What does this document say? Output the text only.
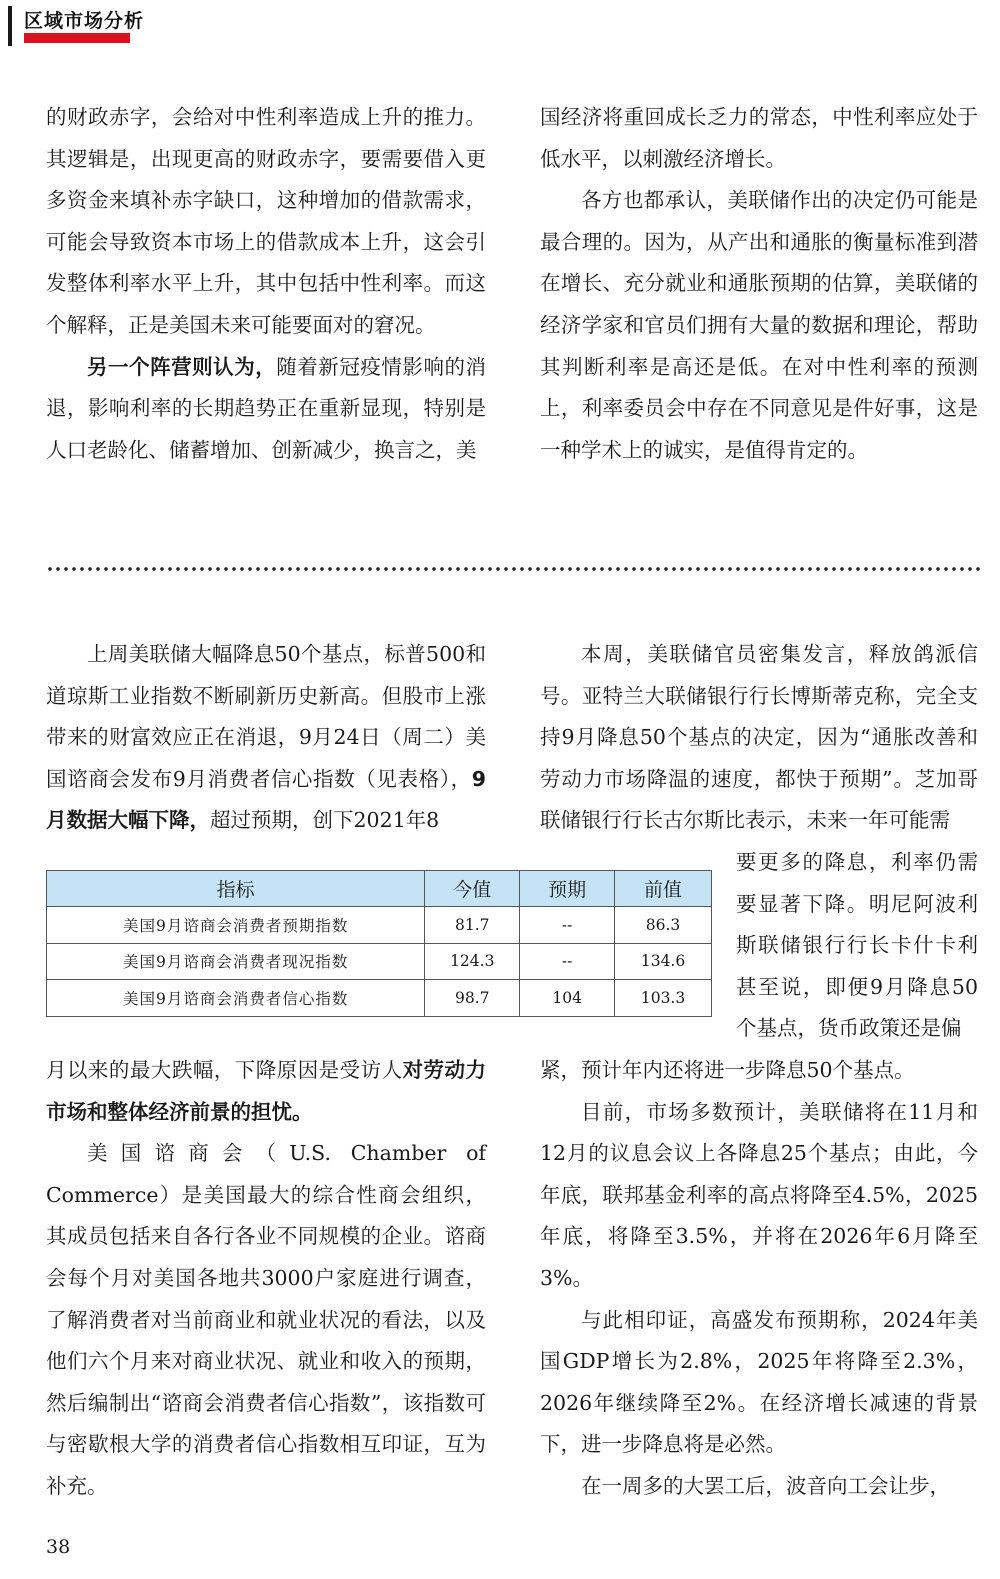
区域市场分析

的财政赤字，会给对中性利率造成上升的推力。其逻辑是，出现更高的财政赤字，要需要借入更多资金来填补赤字缺口，这种增加的借款需求，可能会导致资本市场上的借款成本上升，这会引发整体利率水平上升，其中包括中性利率。而这个解释，正是美国未来可能要面对的窘况。

另一个阵营则认为，随着新冠疫情影响的消退，影响利率的长期趋势正在重新显现，特别是人口老龄化、储蓄增加、创新减少，换言之，美

国经济将重回成长乏力的常态，中性利率应处于低水平，以刺激经济增长。

各方也都承认，美联储作出的决定仍可能是最合理的。因为，从产出和通胀的衡量标准到潜在增长、充分就业和通胀预期的估算，美联储的经济学家和官员们拥有大量的数据和理论，帮助其判断利率是高还是低。在对中性利率的预测上，利率委员会中存在不同意见是件好事，这是一种学术上的诚实，是值得肯定的。

上周美联储大幅降息50个基点，标普500和道琼斯工业指数不断刷新历史新高。但股市上涨带来的财富效应正在消退，9月24日（周二）美国谘商会发布9月消费者信心指数（见表格），9月数据大幅下降，超过预期，创下2021年8

指标	今值	预期	前值
美国9月谘商会消费者预期指数	81.7	--	86.3
美国9月谘商会消费者现况指数	124.3	--	134.6
美国9月谘商会消费者信心指数	98.7	104	103.3

月以来的最大跌幅，下降原因是受访人对劳动力市场和整体经济前景的担忧。

美国谘商会（U.S. Chamber of Commerce）是美国最大的综合性商会组织，其成员包括来自各行各业不同规模的企业。谘商会每个月对美国各地共3000户家庭进行调查，了解消费者对当前商业和就业状况的看法，以及他们六个月来对商业状况、就业和收入的预期，然后编制出“谘商会消费者信心指数”，该指数可与密歇根大学的消费者信心指数相互印证，互为补充。

本周，美联储官员密集发言，释放鸽派信号。亚特兰大联储银行行长博斯蒂克称，完全支持9月降息50个基点的决定，因为“通胀改善和劳动力市场降温的速度，都快于预期”。芝加哥联储银行行长古尔斯比表示，未来一年可能需

要更多的降息，利率仍需要显著下降。明尼阿波利斯联储银行行长卡什卡利甚至说，即便9月降息50个基点，货币政策还是偏

紧，预计年内还将进一步降息50个基点。

目前，市场多数预计，美联储将在11月和12月的议息会议上各降息25个基点；由此，今年底，联邦基金利率的高点将降至4.5%，2025年底，将降至3.5%，并将在2026年6月降至3%。

与此相印证，高盛发布预期称，2024年美国GDP增长为2.8%，2025年将降至2.3%，2026年继续降至2%。在经济增长减速的背景下，进一步降息将是必然。

在一周多的大罢工后，波音向工会让步，

38
